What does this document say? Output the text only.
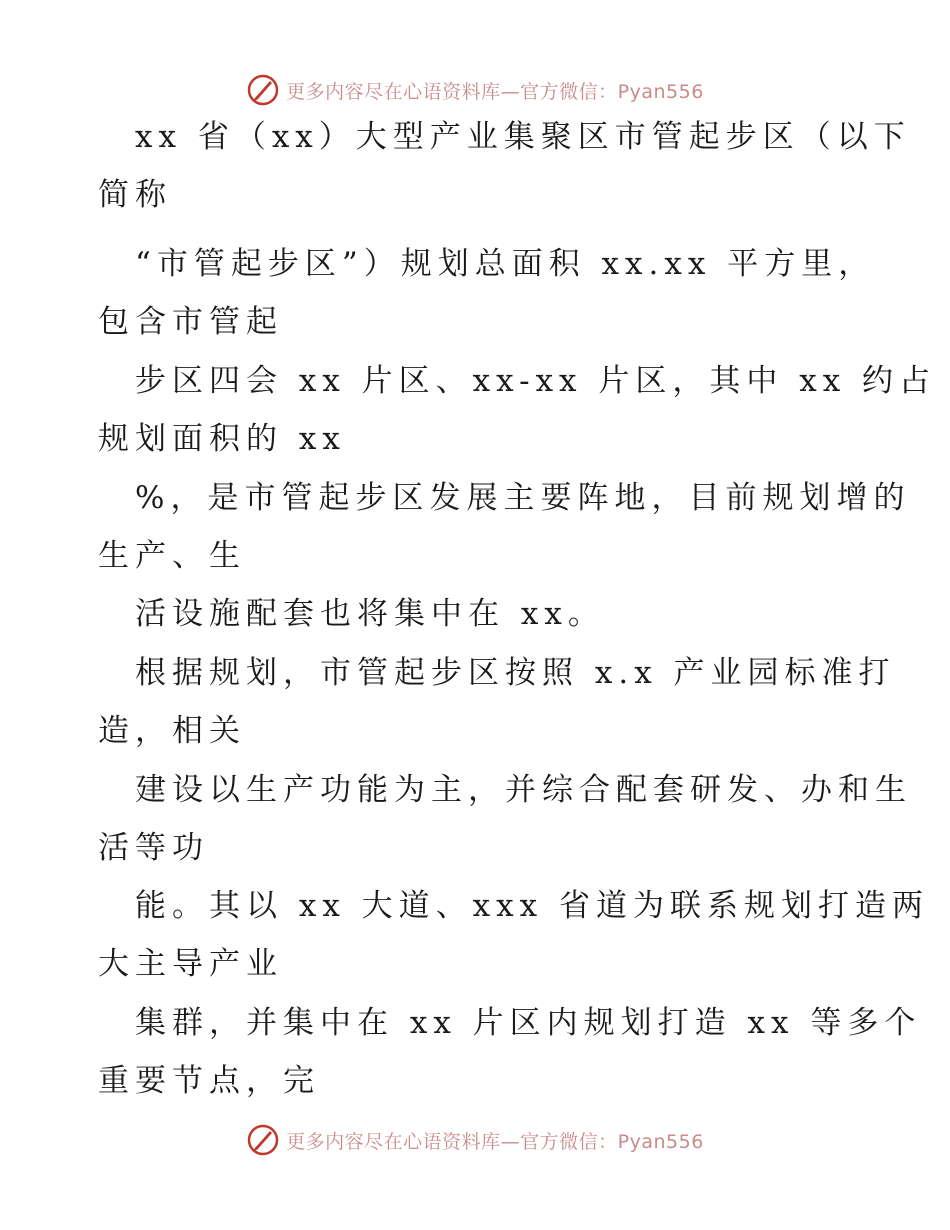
更多内容尽在心语资料库—官方微信：Pyan556
xx 省（xx）大型产业集聚区市管起步区（以下
简称
“市管起步区”）规划总面积 xx.xx 平方里，
包含市管起
步区四会 xx 片区、xx-xx 片区，其中 xx 约占
规划面积的 xx
%，是市管起步区发展主要阵地，目前规划增的
生产、生
活设施配套也将集中在 xx。
根据规划，市管起步区按照 x.x 产业园标准打
造，相关
建设以生产功能为主，并综合配套研发、办和生
活等功
能。其以 xx 大道、xxx 省道为联系规划打造两
大主导产业
集群，并集中在 xx 片区内规划打造 xx 等多个
重要节点，完
更多内容尽在心语资料库—官方微信：Pyan556
